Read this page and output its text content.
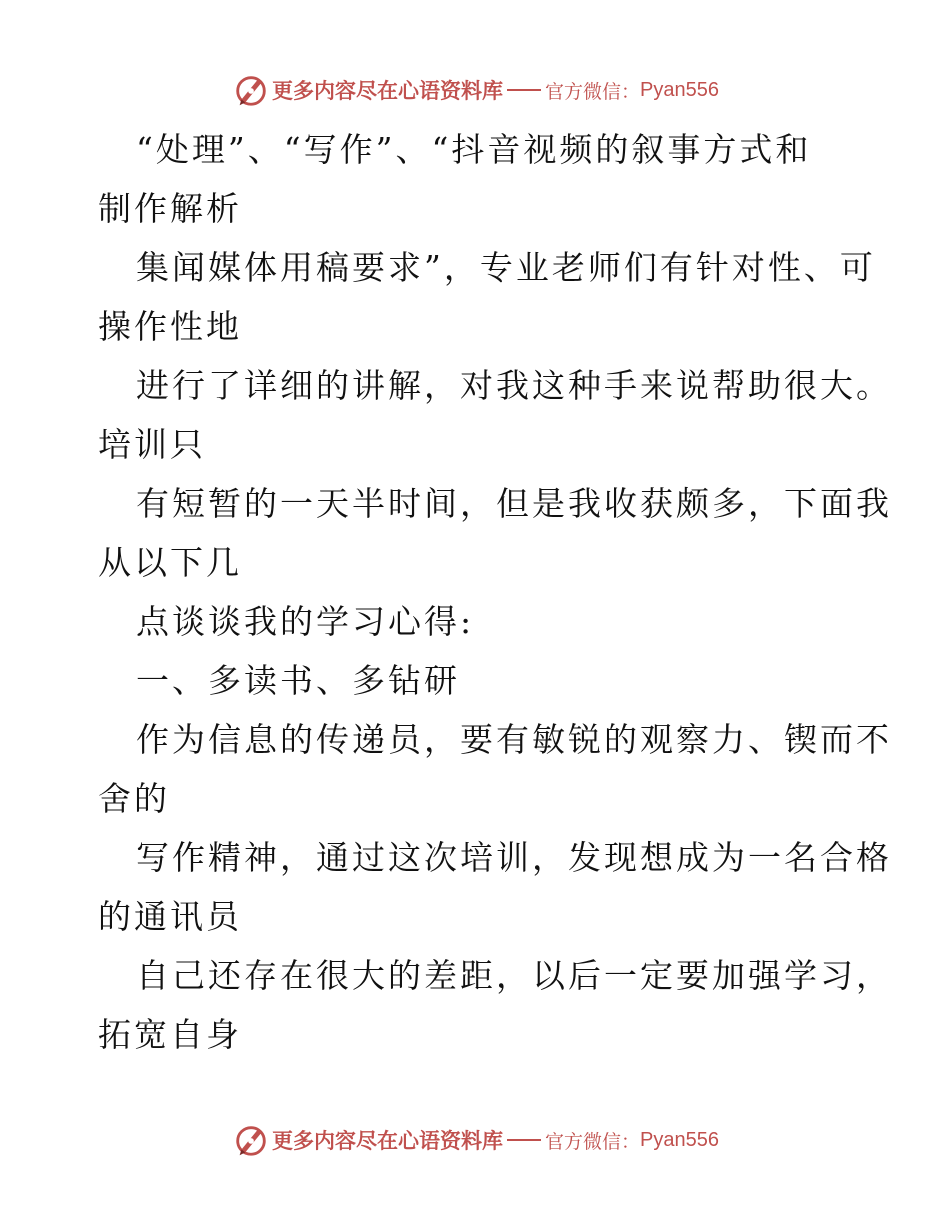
更多内容尽在心语资料库 官方微信： Pyan556
“处理”、“写作”、“抖音视频的叙事方式和
制作解析
集闻媒体用稿要求”，专业老师们有针对性、可
操作性地
进行了详细的讲解，对我这种手来说帮助很大。
培训只
有短暂的一天半时间，但是我收获颇多，下面我
从以下几
点谈谈我的学习心得:
一、多读书、多钻研
作为信息的传递员，要有敏锐的观察力、锲而不
舍的
写作精神，通过这次培训，发现想成为一名合格
的通讯员
自己还存在很大的差距，以后一定要加强学习，
拓宽自身
更多内容尽在心语资料库 官方微信： Pyan556
